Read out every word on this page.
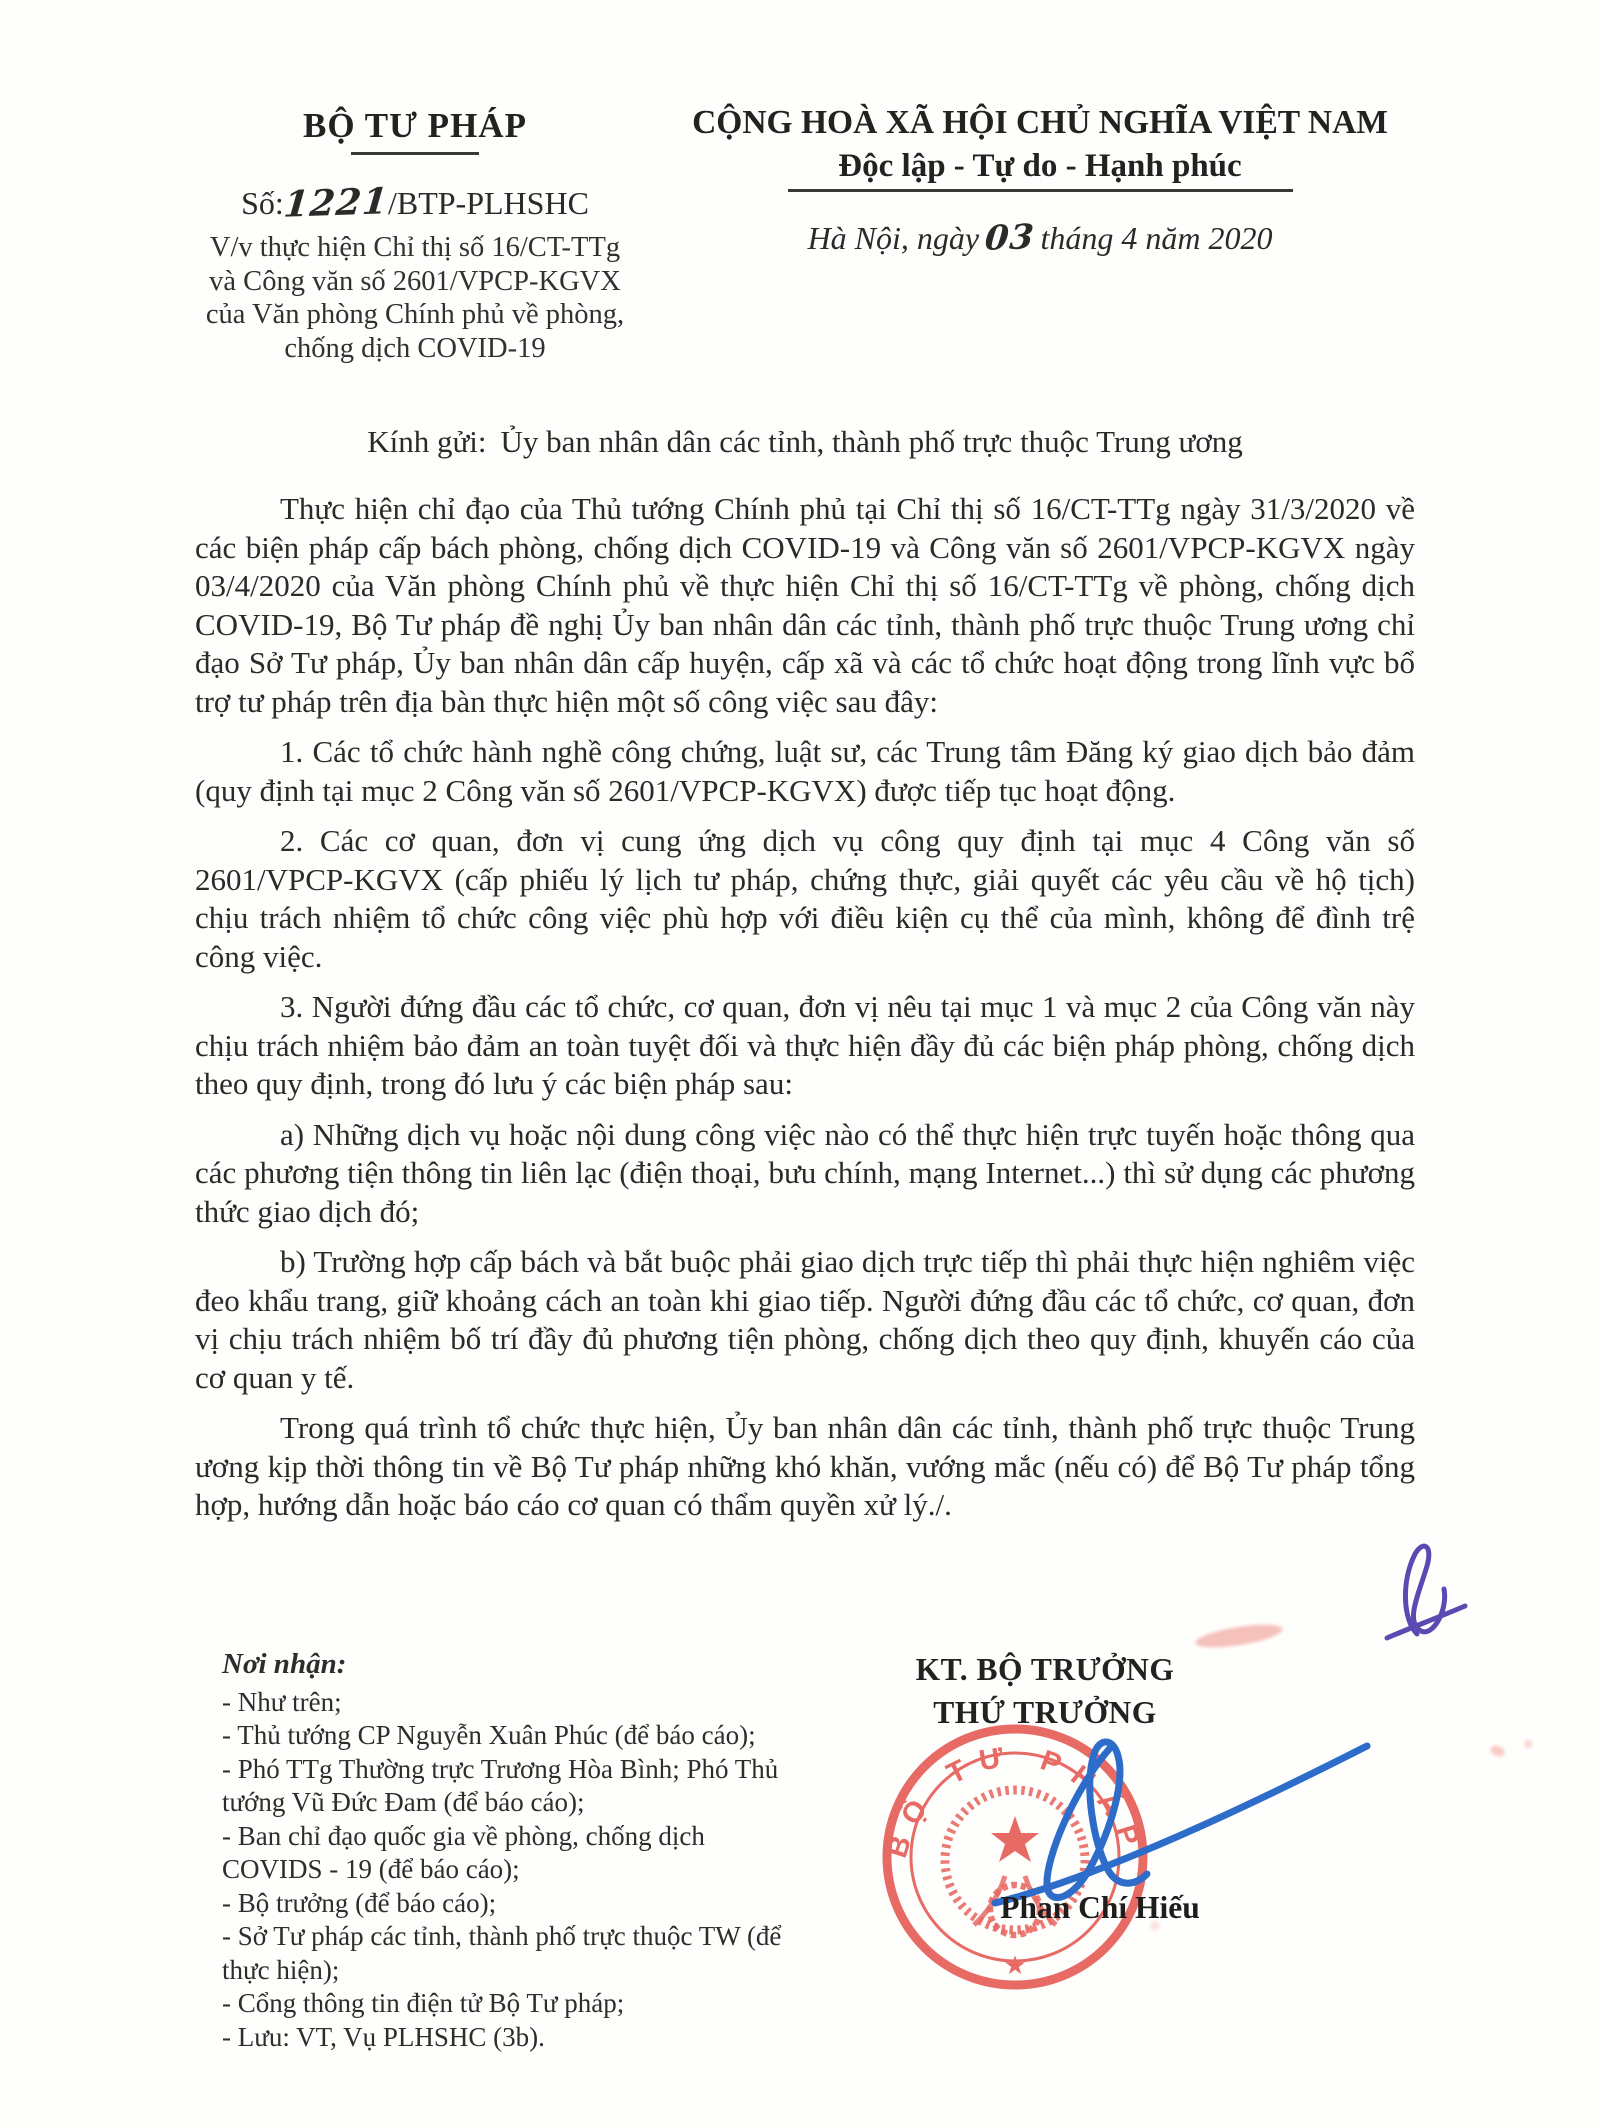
BỘ TƯ PHÁP
Số:1221/BTP-PLHSHC
V/v thực hiện Chỉ thị số 16/CT-TTg
và Công văn số 2601/VPCP-KGVX
của Văn phòng Chính phủ về phòng,
chống dịch COVID-19
CỘNG HOÀ XÃ HỘI CHỦ NGHĨA VIỆT NAM
Độc lập - Tự do - Hạnh phúc
Hà Nội, ngày 03 tháng 4 năm 2020
Kính gửi: Ủy ban nhân dân các tỉnh, thành phố trực thuộc Trung ương

Thực hiện chỉ đạo của Thủ tướng Chính phủ tại Chỉ thị số 16/CT-TTg ngày 31/3/2020 về các biện pháp cấp bách phòng, chống dịch COVID-19 và Công văn số 2601/VPCP-KGVX ngày 03/4/2020 của Văn phòng Chính phủ về thực hiện Chỉ thị số 16/CT-TTg về phòng, chống dịch COVID-19, Bộ Tư pháp đề nghị Ủy ban nhân dân các tỉnh, thành phố trực thuộc Trung ương chỉ đạo Sở Tư pháp, Ủy ban nhân dân cấp huyện, cấp xã và các tổ chức hoạt động trong lĩnh vực bổ trợ tư pháp trên địa bàn thực hiện một số công việc sau đây:

1. Các tổ chức hành nghề công chứng, luật sư, các Trung tâm Đăng ký giao dịch bảo đảm (quy định tại mục 2 Công văn số 2601/VPCP-KGVX) được tiếp tục hoạt động.

2. Các cơ quan, đơn vị cung ứng dịch vụ công quy định tại mục 4 Công văn số 2601/VPCP-KGVX (cấp phiếu lý lịch tư pháp, chứng thực, giải quyết các yêu cầu về hộ tịch) chịu trách nhiệm tổ chức công việc phù hợp với điều kiện cụ thể của mình, không để đình trệ công việc.

3. Người đứng đầu các tổ chức, cơ quan, đơn vị nêu tại mục 1 và mục 2 của Công văn này chịu trách nhiệm bảo đảm an toàn tuyệt đối và thực hiện đầy đủ các biện pháp phòng, chống dịch theo quy định, trong đó lưu ý các biện pháp sau:

a) Những dịch vụ hoặc nội dung công việc nào có thể thực hiện trực tuyến hoặc thông qua các phương tiện thông tin liên lạc (điện thoại, bưu chính, mạng Internet...) thì sử dụng các phương thức giao dịch đó;

b) Trường hợp cấp bách và bắt buộc phải giao dịch trực tiếp thì phải thực hiện nghiêm việc đeo khẩu trang, giữ khoảng cách an toàn khi giao tiếp. Người đứng đầu các tổ chức, cơ quan, đơn vị chịu trách nhiệm bố trí đầy đủ phương tiện phòng, chống dịch theo quy định, khuyến cáo của cơ quan y tế.

Trong quá trình tổ chức thực hiện, Ủy ban nhân dân các tỉnh, thành phố trực thuộc Trung ương kịp thời thông tin về Bộ Tư pháp những khó khăn, vướng mắc (nếu có) để Bộ Tư pháp tổng hợp, hướng dẫn hoặc báo cáo cơ quan có thẩm quyền xử lý./.

Nơi nhận:
- Như trên;
- Thủ tướng CP Nguyễn Xuân Phúc (để báo cáo);
- Phó TTg Thường trực Trương Hòa Bình; Phó Thủ tướng Vũ Đức Đam (để báo cáo);
- Ban chỉ đạo quốc gia về phòng, chống dịch COVIDS - 19 (để báo cáo);
- Bộ trưởng (để báo cáo);
- Sở Tư pháp các tỉnh, thành phố trực thuộc TW (để thực hiện);
- Cổng thông tin điện tử Bộ Tư pháp;
- Lưu: VT, Vụ PLHSHC (3b).
KT. BỘ TRƯỞNG
THỨ TRƯỞNG
BỘ TƯ PHÁP
★
Phan Chí Hiếu
